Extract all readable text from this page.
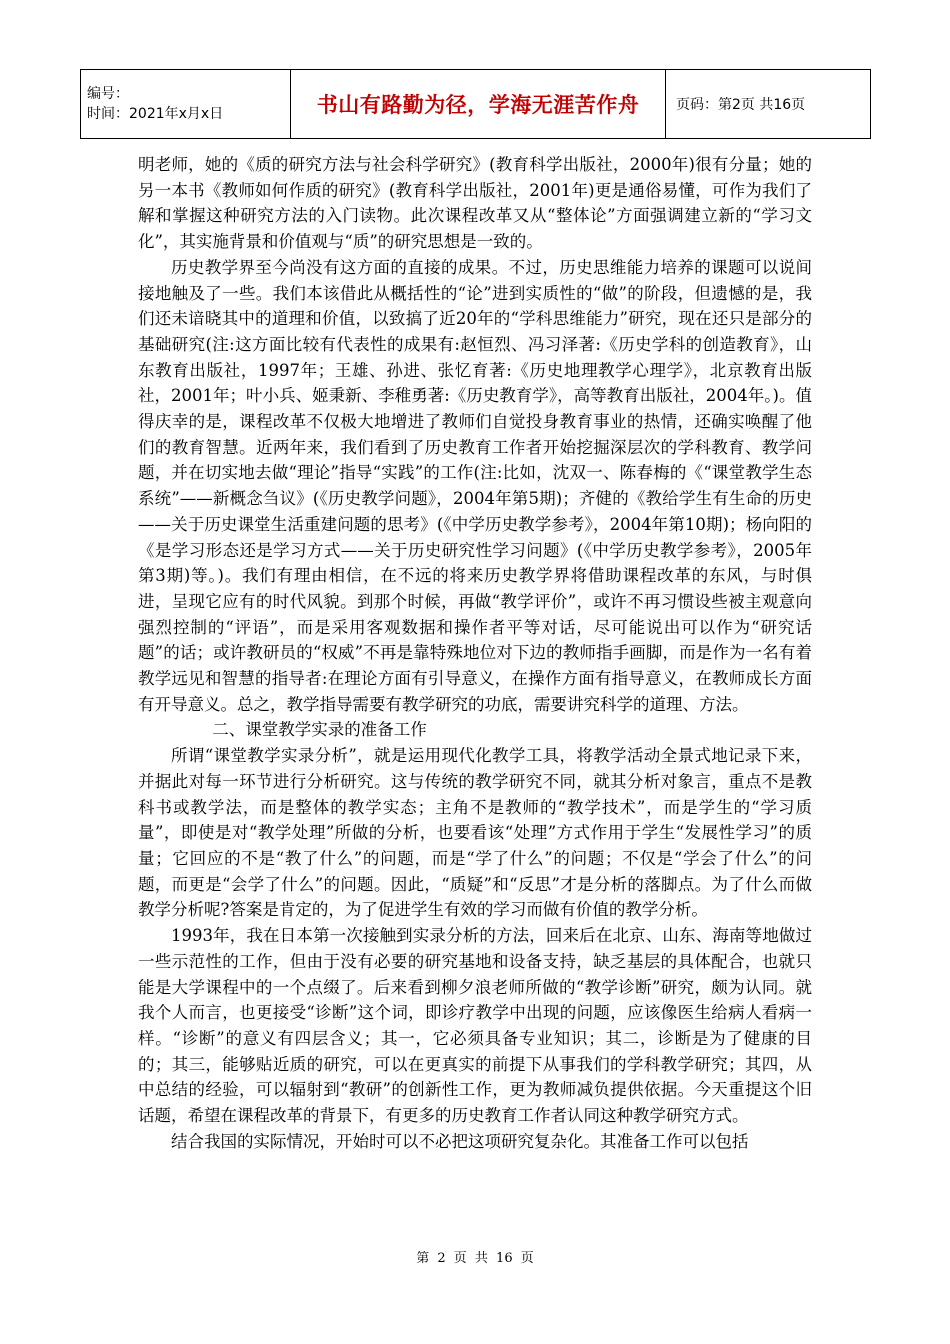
编号：
时间：2021年x月x日	书山有路勤为径，学海无涯苦作舟	页码：第2页 共16页

明老师，她的《质的研究方法与社会科学研究》(教育科学出版社，2000年)很有分量；她的另一本书《教师如何作质的研究》(教育科学出版社，2001年)更是通俗易懂，可作为我们了解和掌握这种研究方法的入门读物。此次课程改革又从“整体论”方面强调建立新的“学习文化”，其实施背景和价值观与“质”的研究思想是一致的。

历史教学界至今尚没有这方面的直接的成果。不过，历史思维能力培养的课题可以说间接地触及了一些。我们本该借此从概括性的“论”进到实质性的“做”的阶段，但遗憾的是，我们还未谙晓其中的道理和价值，以致搞了近20年的“学科思维能力”研究，现在还只是部分的基础研究(注:这方面比较有代表性的成果有:赵恒烈、冯习泽著:《历史学科的创造教育》，山东教育出版社，1997年；王雄、孙进、张忆育著:《历史地理教学心理学》，北京教育出版社，2001年；叶小兵、姬秉新、李稚勇著:《历史教育学》，高等教育出版社，2004年。)。值得庆幸的是，课程改革不仅极大地增进了教师们自觉投身教育事业的热情，还确实唤醒了他们的教育智慧。近两年来，我们看到了历史教育工作者开始挖掘深层次的学科教育、教学问题，并在切实地去做“理论”指导“实践”的工作(注:比如，沈双一、陈春梅的《“课堂教学生态系统”——新概念刍议》(《历史教学问题》，2004年第5期)；齐健的《教给学生有生命的历史——关于历史课堂生活重建问题的思考》(《中学历史教学参考》，2004年第10期)；杨向阳的《是学习形态还是学习方式——关于历史研究性学习问题》(《中学历史教学参考》，2005年第3期)等。)。我们有理由相信，在不远的将来历史教学界将借助课程改革的东风，与时俱进，呈现它应有的时代风貌。到那个时候，再做“教学评价”，或许不再习惯设些被主观意向强烈控制的“评语”，而是采用客观数据和操作者平等对话，尽可能说出可以作为“研究话题”的话；或许教研员的“权威”不再是靠特殊地位对下边的教师指手画脚，而是作为一名有着教学远见和智慧的指导者:在理论方面有引导意义，在操作方面有指导意义，在教师成长方面有开导意义。总之，教学指导需要有教学研究的功底，需要讲究科学的道理、方法。

二、课堂教学实录的准备工作

所谓“课堂教学实录分析”，就是运用现代化教学工具，将教学活动全景式地记录下来，并据此对每一环节进行分析研究。这与传统的教学研究不同，就其分析对象言，重点不是教科书或教学法，而是整体的教学实态；主角不是教师的“教学技术”，而是学生的“学习质量”，即使是对“教学处理”所做的分析，也要看该“处理”方式作用于学生“发展性学习”的质量；它回应的不是“教了什么”的问题，而是“学了什么”的问题；不仅是“学会了什么”的问题，而更是“会学了什么”的问题。因此，“质疑”和“反思”才是分析的落脚点。为了什么而做教学分析呢?答案是肯定的，为了促进学生有效的学习而做有价值的教学分析。

1993年，我在日本第一次接触到实录分析的方法，回来后在北京、山东、海南等地做过一些示范性的工作，但由于没有必要的研究基地和设备支持，缺乏基层的具体配合，也就只能是大学课程中的一个点缀了。后来看到柳夕浪老师所做的“教学诊断”研究，颇为认同。就我个人而言，也更接受“诊断”这个词，即诊疗教学中出现的问题，应该像医生给病人看病一样。“诊断”的意义有四层含义；其一，它必须具备专业知识；其二，诊断是为了健康的目的；其三，能够贴近质的研究，可以在更真实的前提下从事我们的学科教学研究；其四，从中总结的经验，可以辐射到“教研”的创新性工作，更为教师减负提供依据。今天重提这个旧话题，希望在课程改革的背景下，有更多的历史教育工作者认同这种教学研究方式。

结合我国的实际情况，开始时可以不必把这项研究复杂化。其准备工作可以包括

第 2 页 共 16 页
